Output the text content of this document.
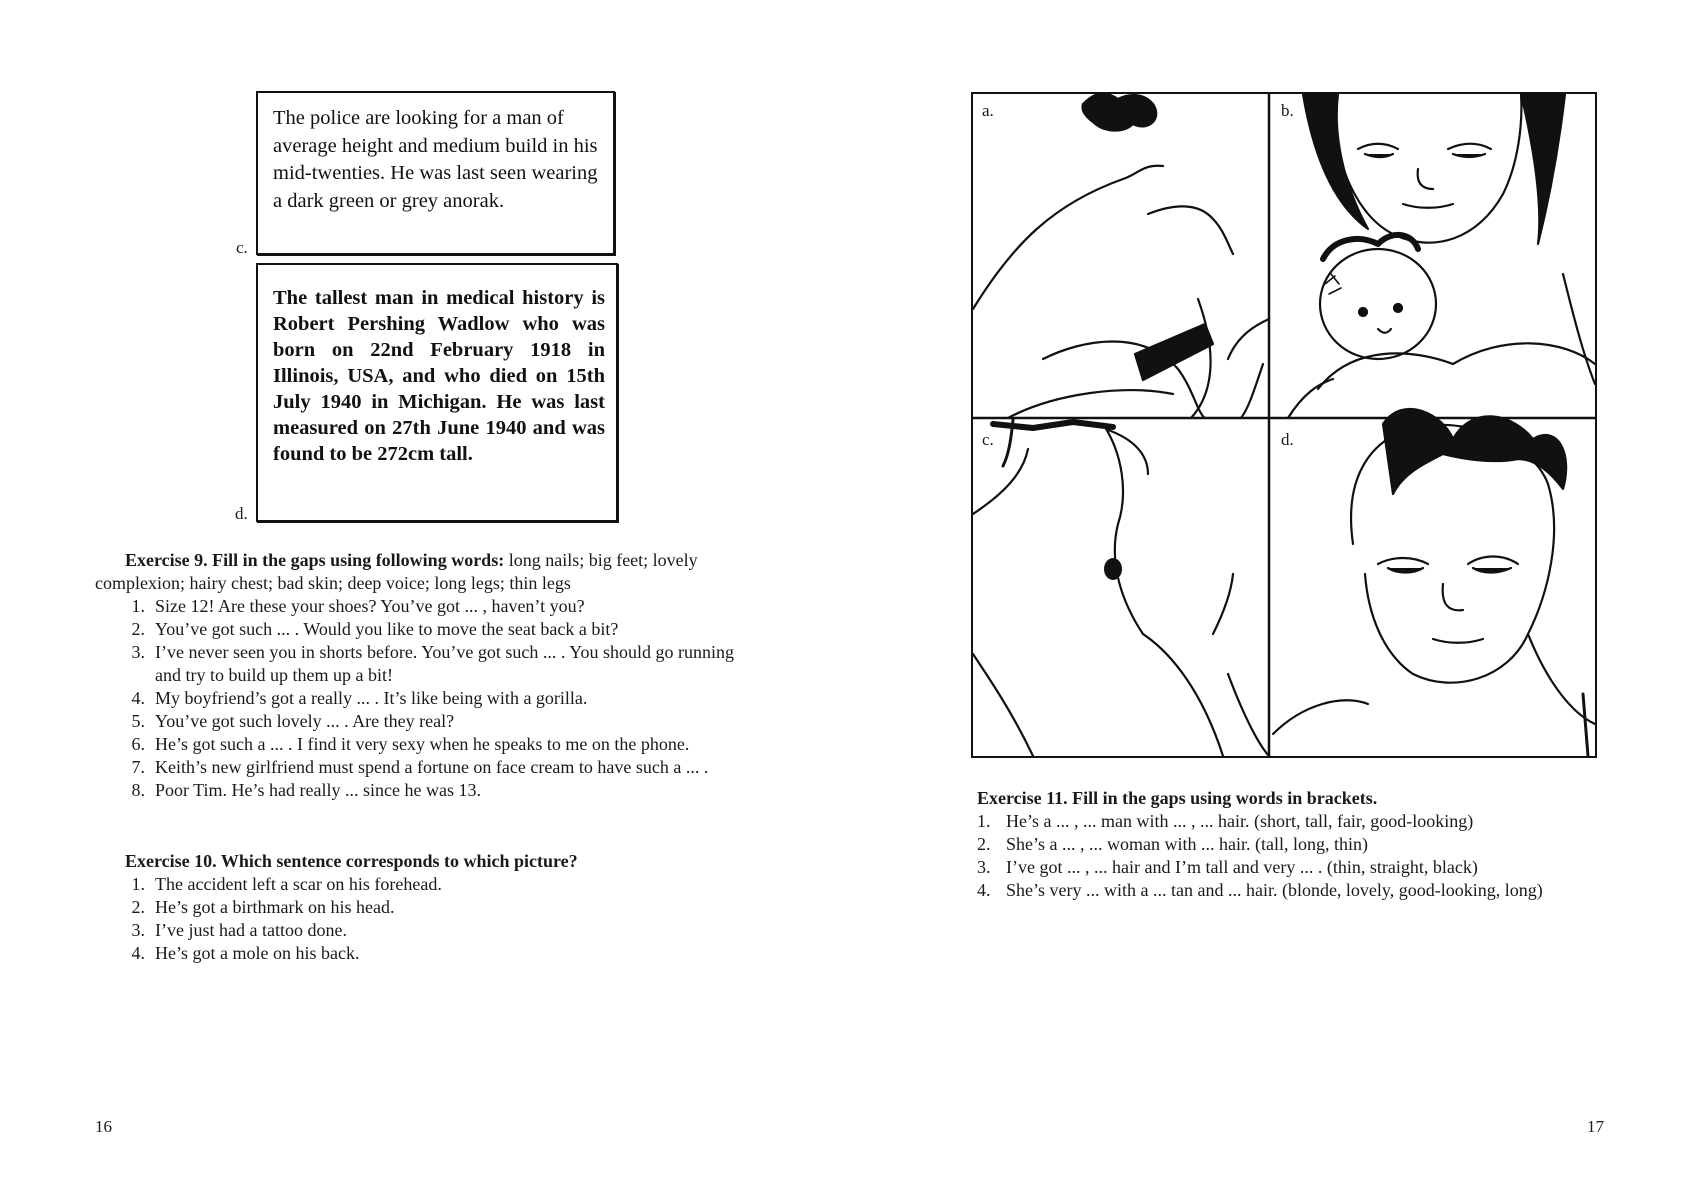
The police are looking for a man of average height and medium build in his mid-twenties. He was last seen wearing a dark green or grey anorak.

c.

The tallest man in medical history is Robert Pershing Wadlow who was born on 22nd February 1918 in Illinois, USA, and who died on 15th July 1940 in Michigan. He was last measured on 27th June 1940 and was found to be 272cm tall.

d.
Exercise 9. Fill in the gaps using following words: long nails; big feet; lovely complexion; hairy chest; bad skin; deep voice; long legs; thin legs
1. Size 12! Are these your shoes? You’ve got ... , haven’t you?
2. You’ve got such ... . Would you like to move the seat back a bit?
3. I’ve never seen you in shorts before. You’ve got such ... . You should go running and try to build up them up a bit!
4. My boyfriend’s got a really ... . It’s like being with a gorilla.
5. You’ve got such lovely ... . Are they real?
6. He’s got such a ... . I find it very sexy when he speaks to me on the phone.
7. Keith’s new girlfriend must spend a fortune on face cream to have such a ... .
8. Poor Tim. He’s had really ... since he was 13.
Exercise 10. Which sentence corresponds to which picture?
1. The accident left a scar on his forehead.
2. He’s got a birthmark on his head.
3. I’ve just had a tattoo done.
4. He’s got a mole on his back.
16
a.	b.
c.	d.
Exercise 11. Fill in the gaps using words in brackets.
1. He’s a ... , ... man with ... , ... hair. (short, tall, fair, good-looking)
2. She’s a ... , ... woman with ... hair. (tall, long, thin)
3. I’ve got ... , ... hair and I’m tall and very ... . (thin, straight, black)
4. She’s very ... with a ... tan and ... hair. (blonde, lovely, good-looking, long)
17
